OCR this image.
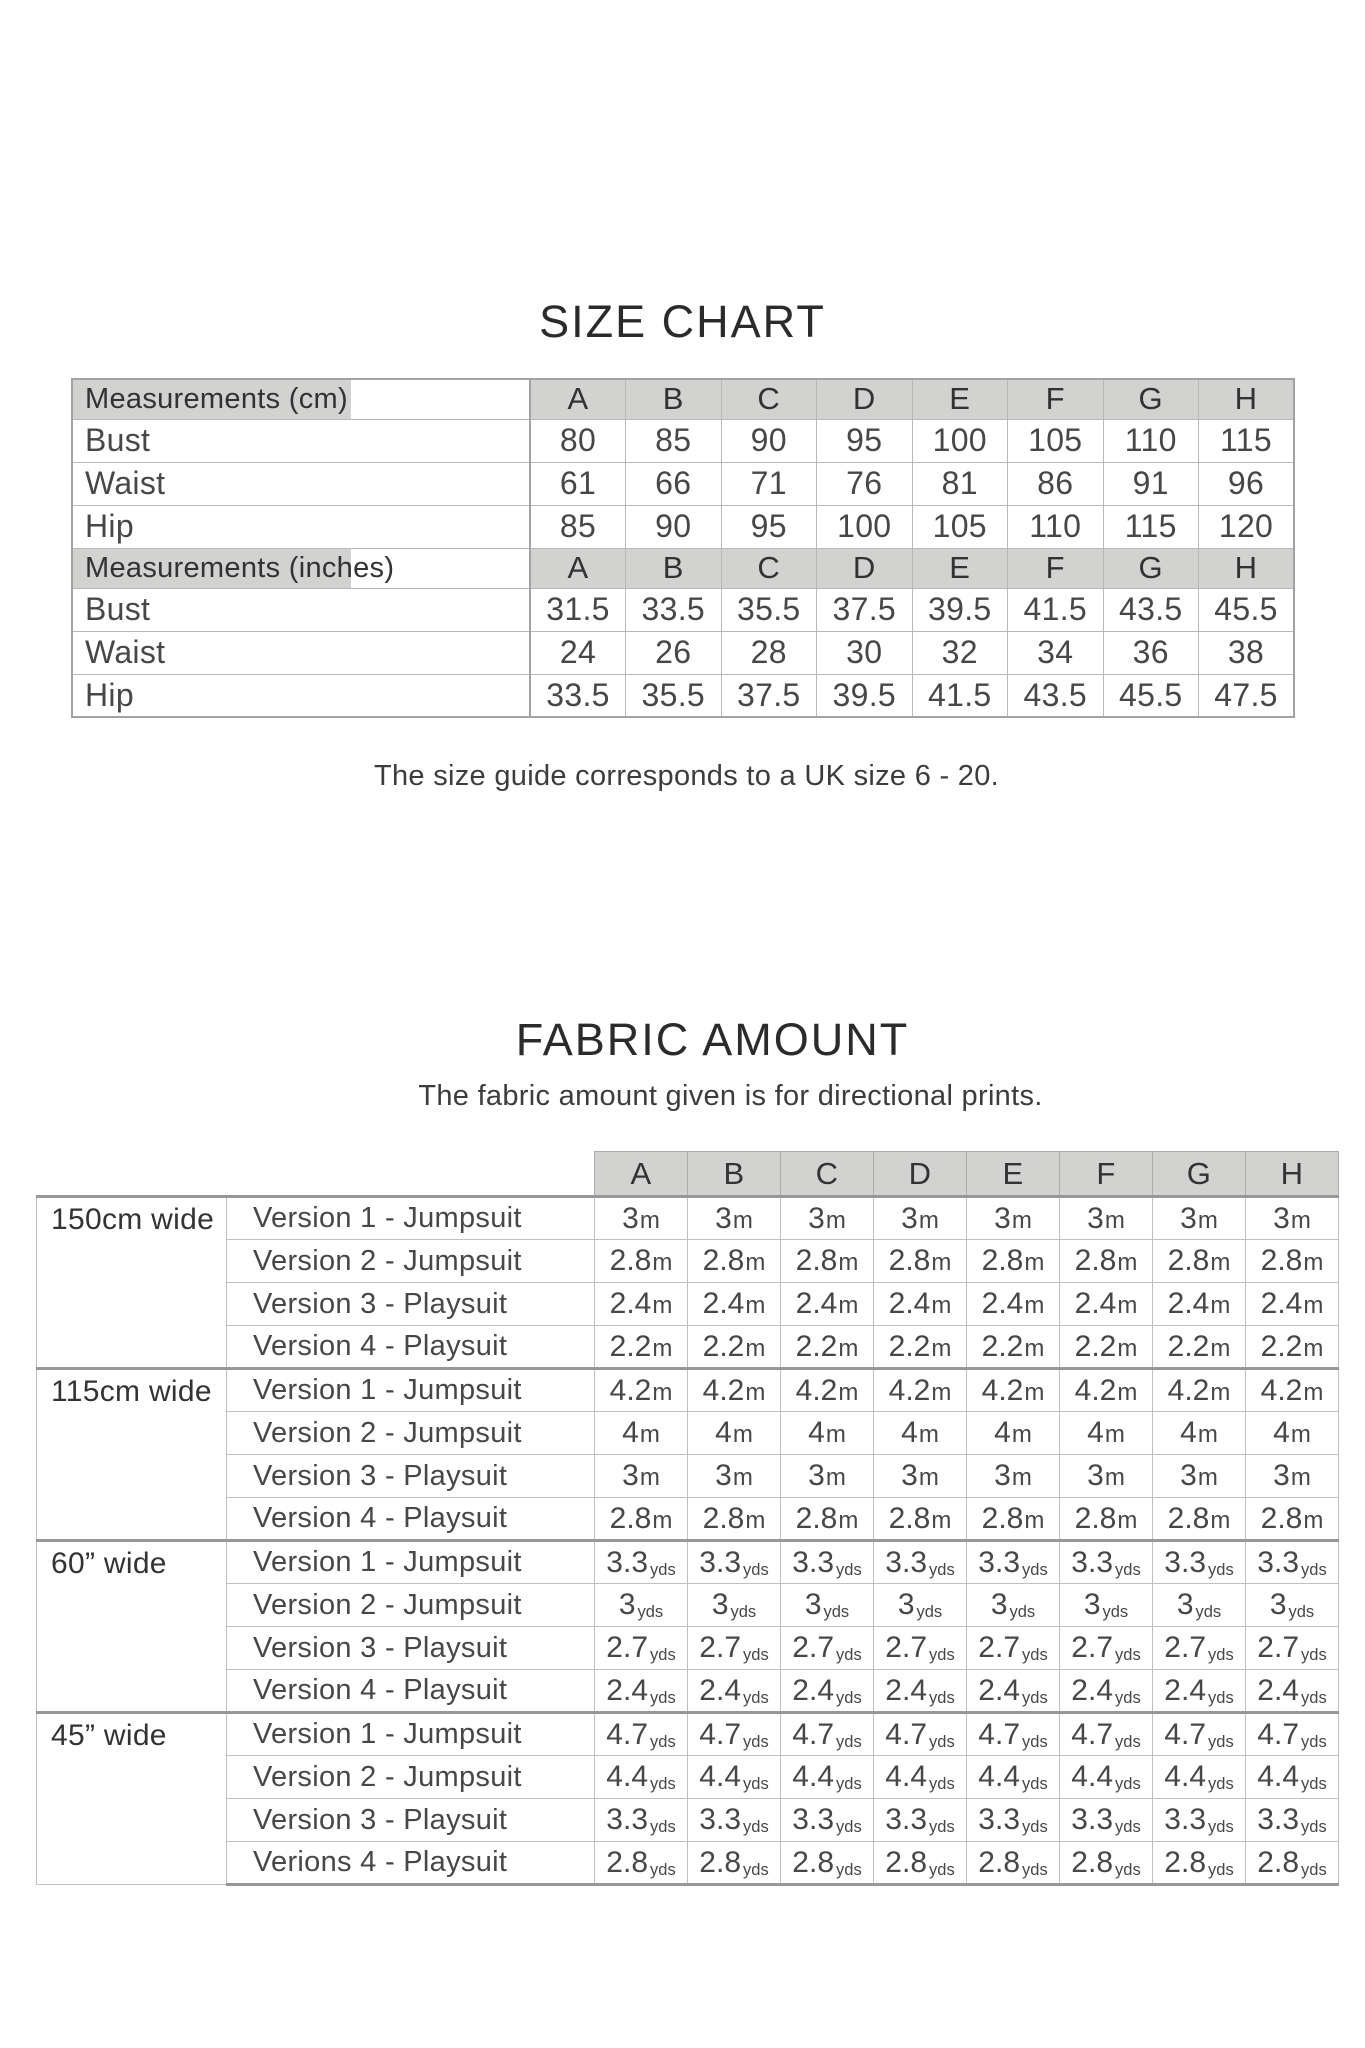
SIZE CHART
Measurements (cm)	A	B	C	D	E	F	G	H
Bust	80	85	90	95	100	105	110	115
Waist	61	66	71	76	81	86	91	96
Hip	85	90	95	100	105	110	115	120
Measurements (inches)	A	B	C	D	E	F	G	H
Bust	31.5	33.5	35.5	37.5	39.5	41.5	43.5	45.5
Waist	24	26	28	30	32	34	36	38
Hip	33.5	35.5	37.5	39.5	41.5	43.5	45.5	47.5
The size guide corresponds to a UK size 6 - 20.
FABRIC AMOUNT
The fabric amount given is for directional prints.
		A	B	C	D	E	F	G	H

150cm wide	Version 1 - Jumpsuit	3m	3m	3m	3m	3m	3m	3m	3m
	Version 2 - Jumpsuit	2.8m	2.8m	2.8m	2.8m	2.8m	2.8m	2.8m	2.8m
	Version 3 - Playsuit	2.4m	2.4m	2.4m	2.4m	2.4m	2.4m	2.4m	2.4m
	Version 4 - Playsuit	2.2m	2.2m	2.2m	2.2m	2.2m	2.2m	2.2m	2.2m

115cm wide	Version 1 - Jumpsuit	4.2m	4.2m	4.2m	4.2m	4.2m	4.2m	4.2m	4.2m
	Version 2 - Jumpsuit	4m	4m	4m	4m	4m	4m	4m	4m
	Version 3 - Playsuit	3m	3m	3m	3m	3m	3m	3m	3m
	Version 4 - Playsuit	2.8m	2.8m	2.8m	2.8m	2.8m	2.8m	2.8m	2.8m

60” wide	Version 1 - Jumpsuit	3.3 yds	3.3 yds	3.3 yds	3.3 yds	3.3 yds	3.3 yds	3.3 yds	3.3 yds
	Version 2 - Jumpsuit	3 yds	3 yds	3 yds	3 yds	3 yds	3 yds	3 yds	3 yds
	Version 3 - Playsuit	2.7 yds	2.7 yds	2.7 yds	2.7 yds	2.7 yds	2.7 yds	2.7 yds	2.7 yds
	Version 4 - Playsuit	2.4 yds	2.4 yds	2.4 yds	2.4 yds	2.4 yds	2.4 yds	2.4 yds	2.4 yds

45” wide	Version 1 - Jumpsuit	4.7 yds	4.7 yds	4.7 yds	4.7 yds	4.7 yds	4.7 yds	4.7 yds	4.7 yds
	Version 2 - Jumpsuit	4.4 yds	4.4 yds	4.4 yds	4.4 yds	4.4 yds	4.4 yds	4.4 yds	4.4 yds
	Version 3 - Playsuit	3.3 yds	3.3 yds	3.3 yds	3.3 yds	3.3 yds	3.3 yds	3.3 yds	3.3 yds
	Verions 4 - Playsuit	2.8 yds	2.8 yds	2.8 yds	2.8 yds	2.8 yds	2.8 yds	2.8 yds	2.8 yds
